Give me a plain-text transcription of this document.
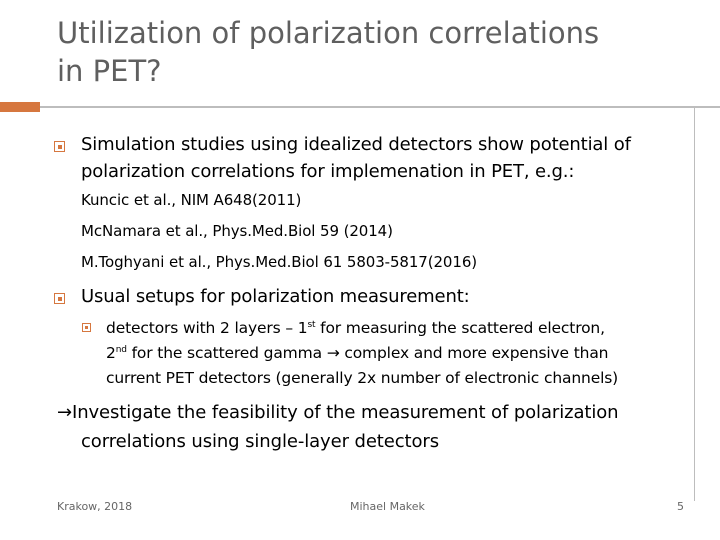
Utilization of polarization correlations
in PET?
Simulation studies using idealized detectors show potential of
polarization correlations for implemenation in PET, e.g.:
Kuncic et al., NIM A648(2011)
McNamara et al., Phys.Med.Biol 59 (2014)
M.Toghyani et al., Phys.Med.Biol 61 5803-5817(2016)
Usual setups for polarization measurement:
detectors with 2 layers – 1st for measuring the scattered electron,
2nd for the scattered gamma → complex and more expensive than
current PET detectors (generally 2x number of electronic channels)
→Investigate the feasibility of the measurement of polarization
correlations using single-layer detectors
Krakow, 2018	Mihael Makek	5
